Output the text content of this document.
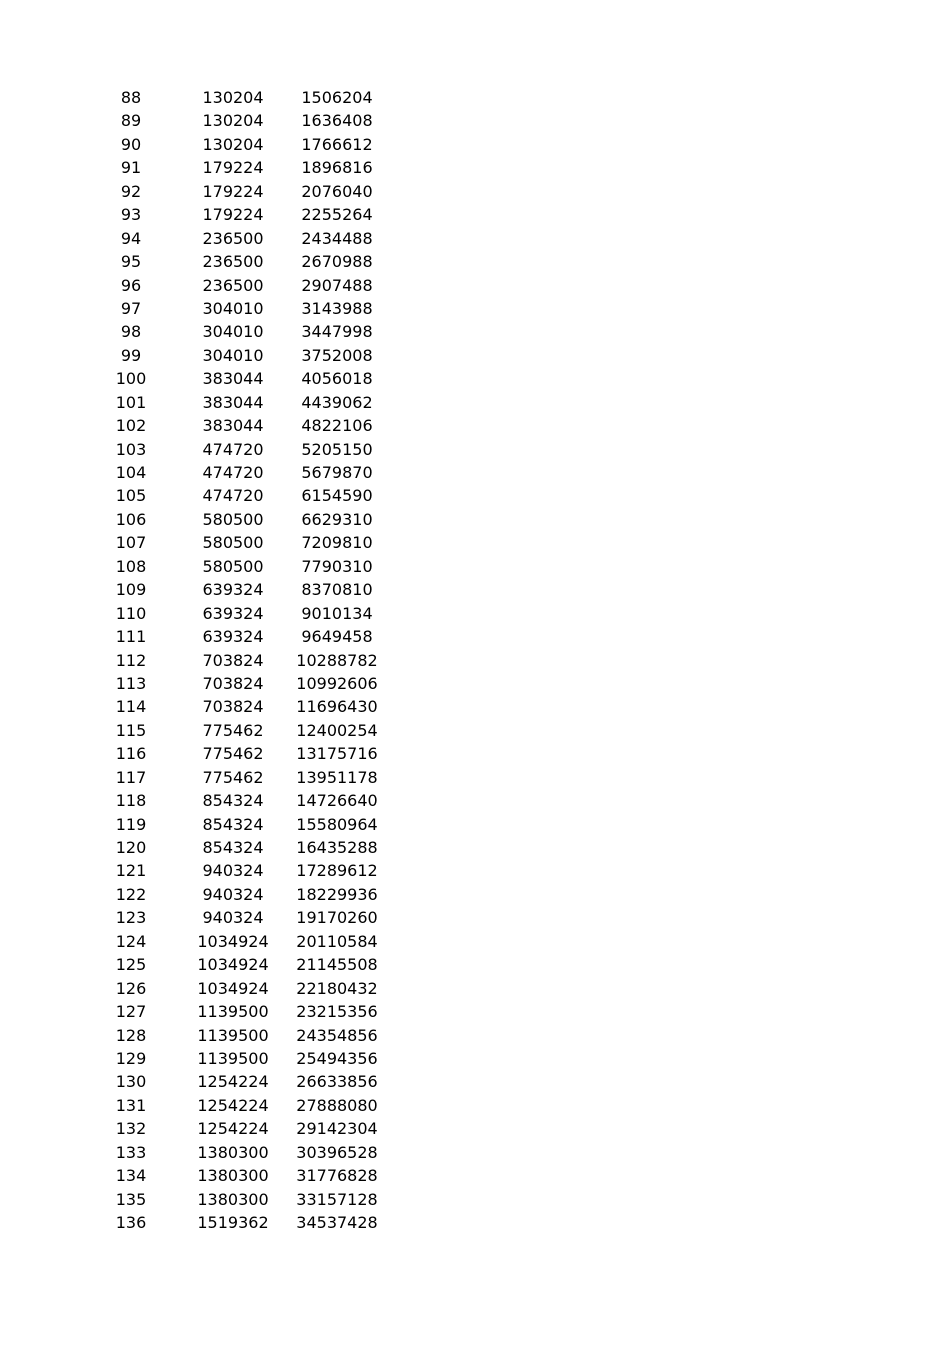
88	130204	1506204
89	130204	1636408
90	130204	1766612
91	179224	1896816
92	179224	2076040
93	179224	2255264
94	236500	2434488
95	236500	2670988
96	236500	2907488
97	304010	3143988
98	304010	3447998
99	304010	3752008
100	383044	4056018
101	383044	4439062
102	383044	4822106
103	474720	5205150
104	474720	5679870
105	474720	6154590
106	580500	6629310
107	580500	7209810
108	580500	7790310
109	639324	8370810
110	639324	9010134
111	639324	9649458
112	703824	10288782
113	703824	10992606
114	703824	11696430
115	775462	12400254
116	775462	13175716
117	775462	13951178
118	854324	14726640
119	854324	15580964
120	854324	16435288
121	940324	17289612
122	940324	18229936
123	940324	19170260
124	1034924	20110584
125	1034924	21145508
126	1034924	22180432
127	1139500	23215356
128	1139500	24354856
129	1139500	25494356
130	1254224	26633856
131	1254224	27888080
132	1254224	29142304
133	1380300	30396528
134	1380300	31776828
135	1380300	33157128
136	1519362	34537428
